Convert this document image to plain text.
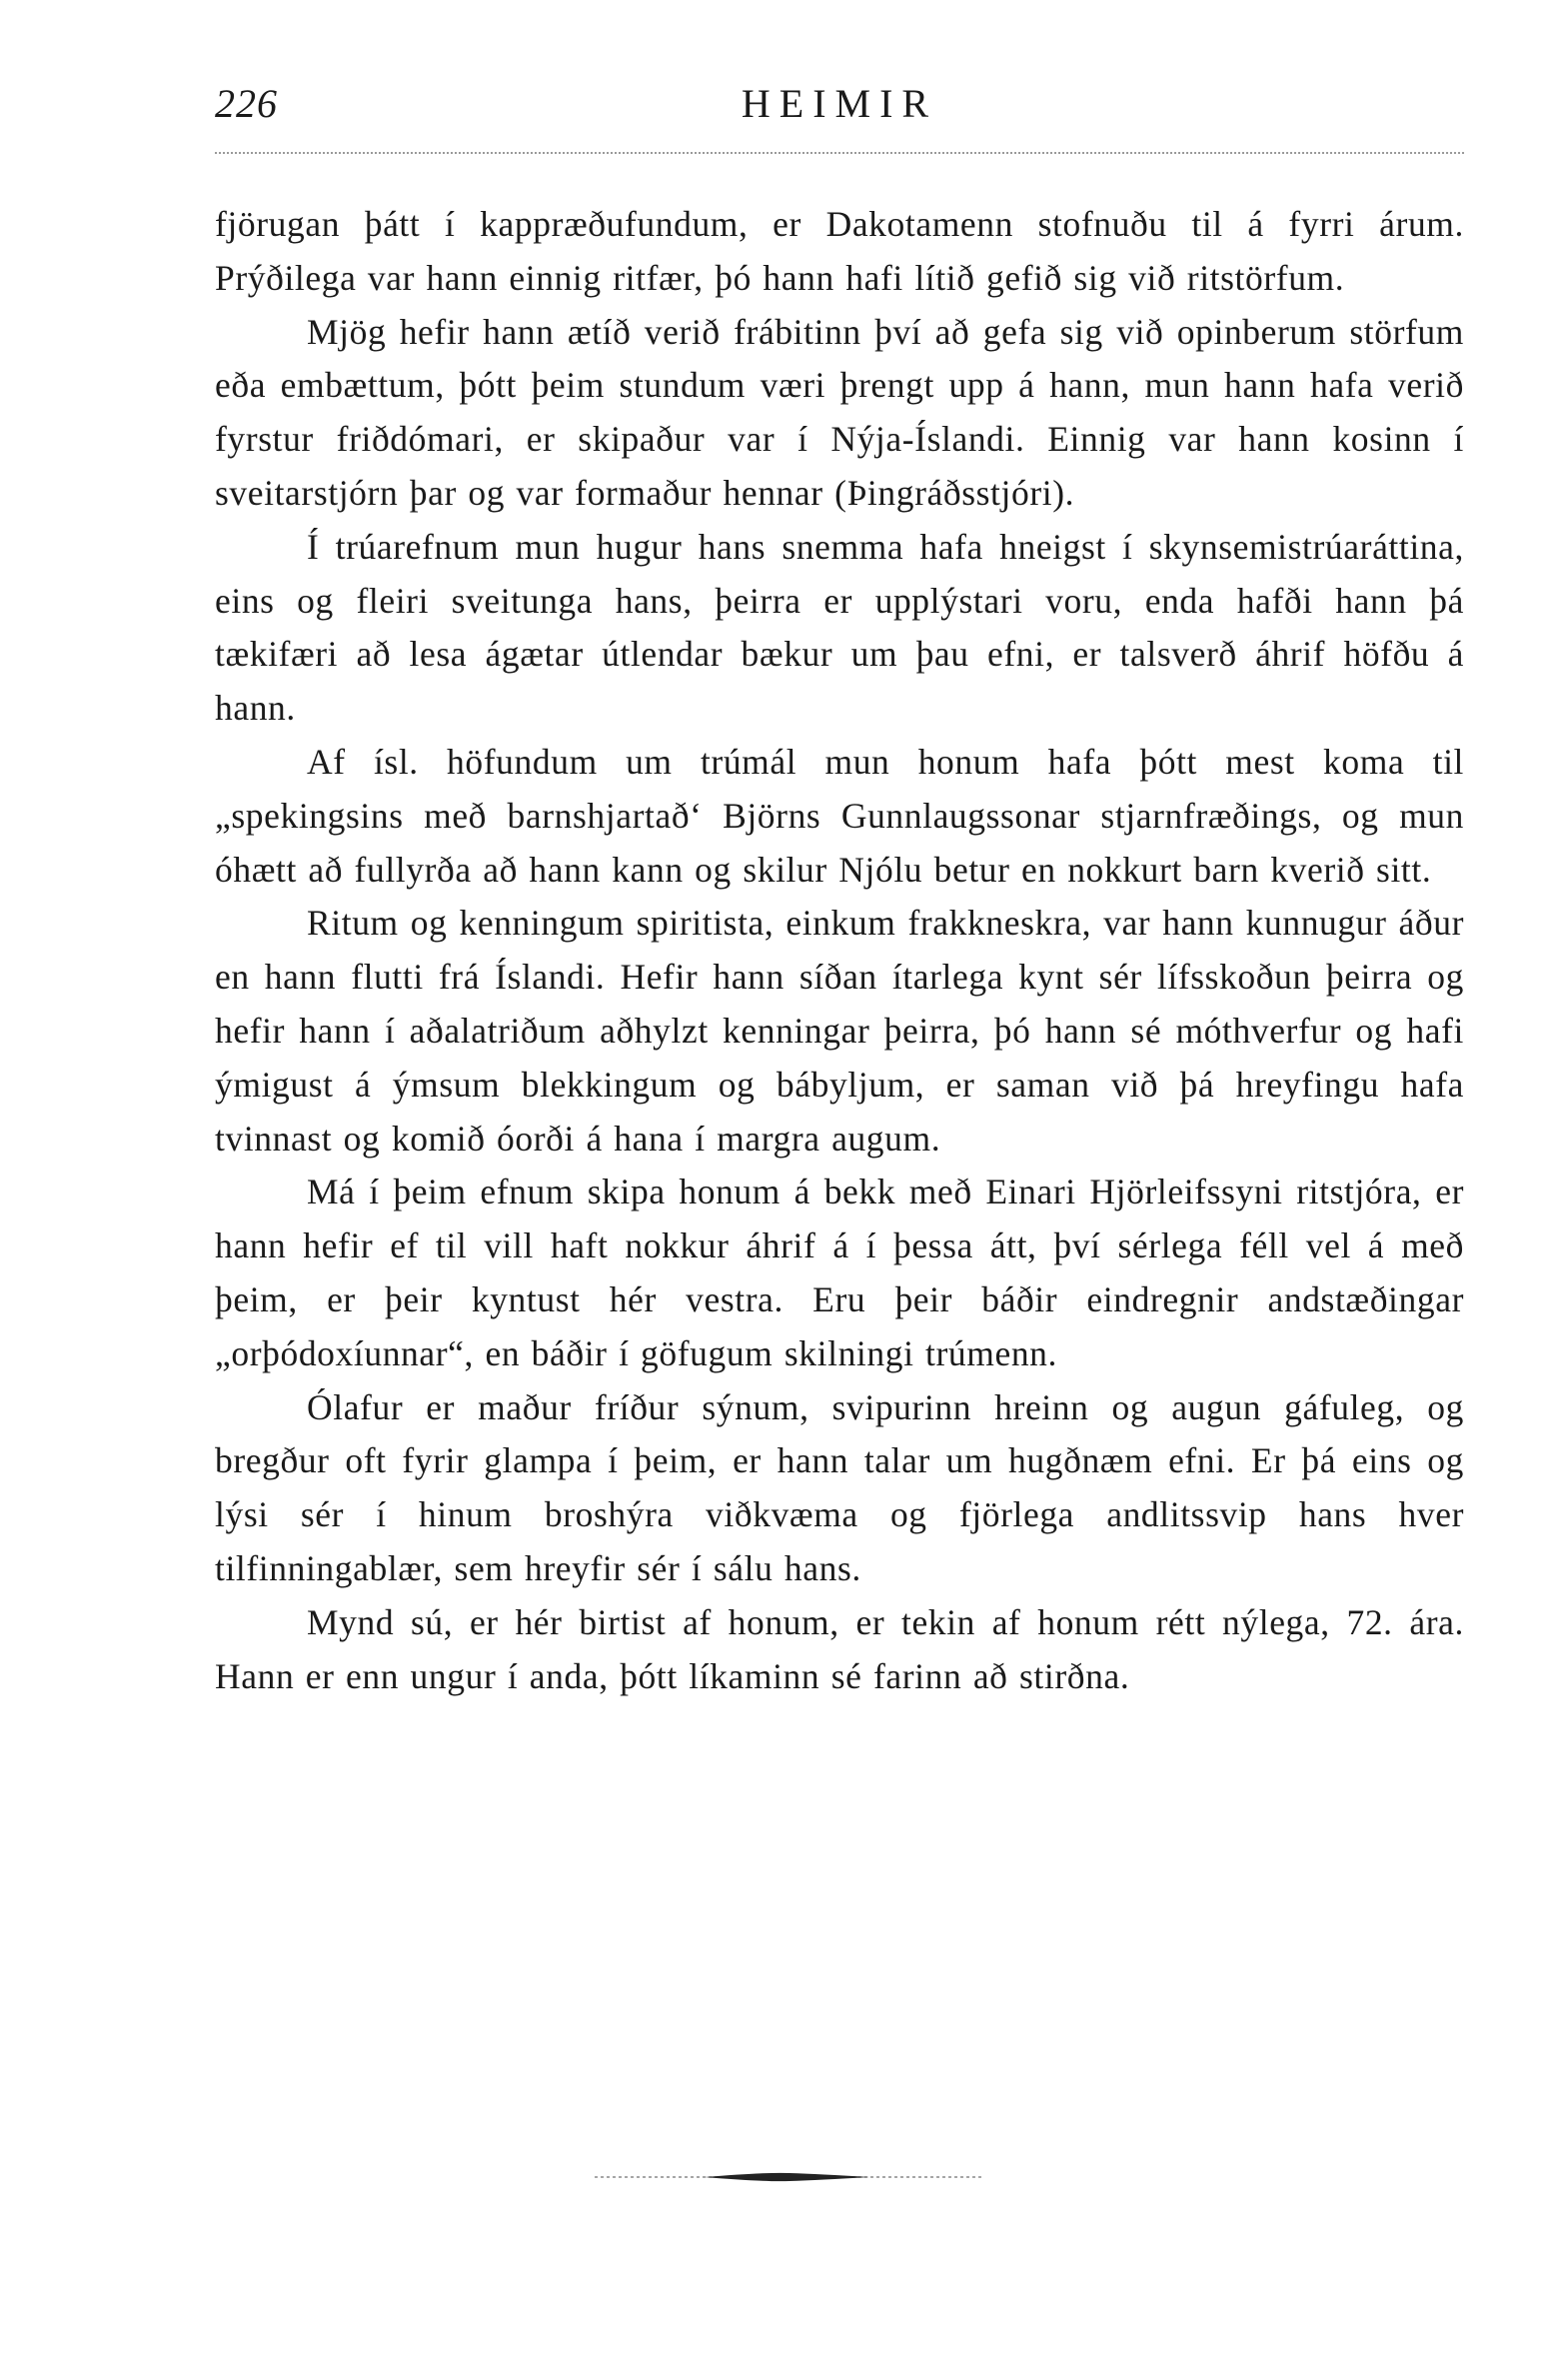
226	HEIMIR

fjörugan þátt í kappræðufundum, er Dakotamenn stofnuðu til á fyrri árum. Prýðilega var hann einnig ritfær, þó hann hafi lítið gefið sig við ritstörfum.

Mjög hefir hann ætíð verið frábitinn því að gefa sig við opinberum störfum eða embættum, þótt þeim stundum væri þrengt upp á hann, mun hann hafa verið fyrstur friðdómari, er skipaður var í Nýja-Íslandi. Einnig var hann kosinn í sveitarstjórn þar og var formaður hennar (Þingráðsstjóri).

Í trúarefnum mun hugur hans snemma hafa hneigst í skynsemistrúaráttina, eins og fleiri sveitunga hans, þeirra er upplýstari voru, enda hafði hann þá tækifæri að lesa ágætar útlendar bækur um þau efni, er talsverð áhrif höfðu á hann.

Af ísl. höfundum um trúmál mun honum hafa þótt mest koma til „spekingsins með barnshjartað‘ Björns Gunnlaugssonar stjarnfræðings, og mun óhætt að fullyrða að hann kann og skilur Njólu betur en nokkurt barn kverið sitt.

Ritum og kenningum spiritista, einkum frakkneskra, var hann kunnugur áður en hann flutti frá Íslandi. Hefir hann síðan ítarlega kynt sér lífsskoðun þeirra og hefir hann í aðalatriðum aðhylzt kenningar þeirra, þó hann sé móthverfur og hafi ýmigust á ýmsum blekkingum og bábyljum, er saman við þá hreyfingu hafa tvinnast og komið óorði á hana í margra augum.

Má í þeim efnum skipa honum á bekk með Einari Hjörleifssyni ritstjóra, er hann hefir ef til vill haft nokkur áhrif á í þessa átt, því sérlega féll vel á með þeim, er þeir kyntust hér vestra. Eru þeir báðir eindregnir andstæðingar „orþódoxíunnar“, en báðir í göfugum skilningi trúmenn.

Ólafur er maður fríður sýnum, svipurinn hreinn og augun gáfuleg, og bregður oft fyrir glampa í þeim, er hann talar um hugðnæm efni. Er þá eins og lýsi sér í hinum broshýra viðkvæma og fjörlega andlitssvip hans hver tilfinningablær, sem hreyfir sér í sálu hans.

Mynd sú, er hér birtist af honum, er tekin af honum rétt nýlega, 72. ára. Hann er enn ungur í anda, þótt líkaminn sé farinn að stirðna.
